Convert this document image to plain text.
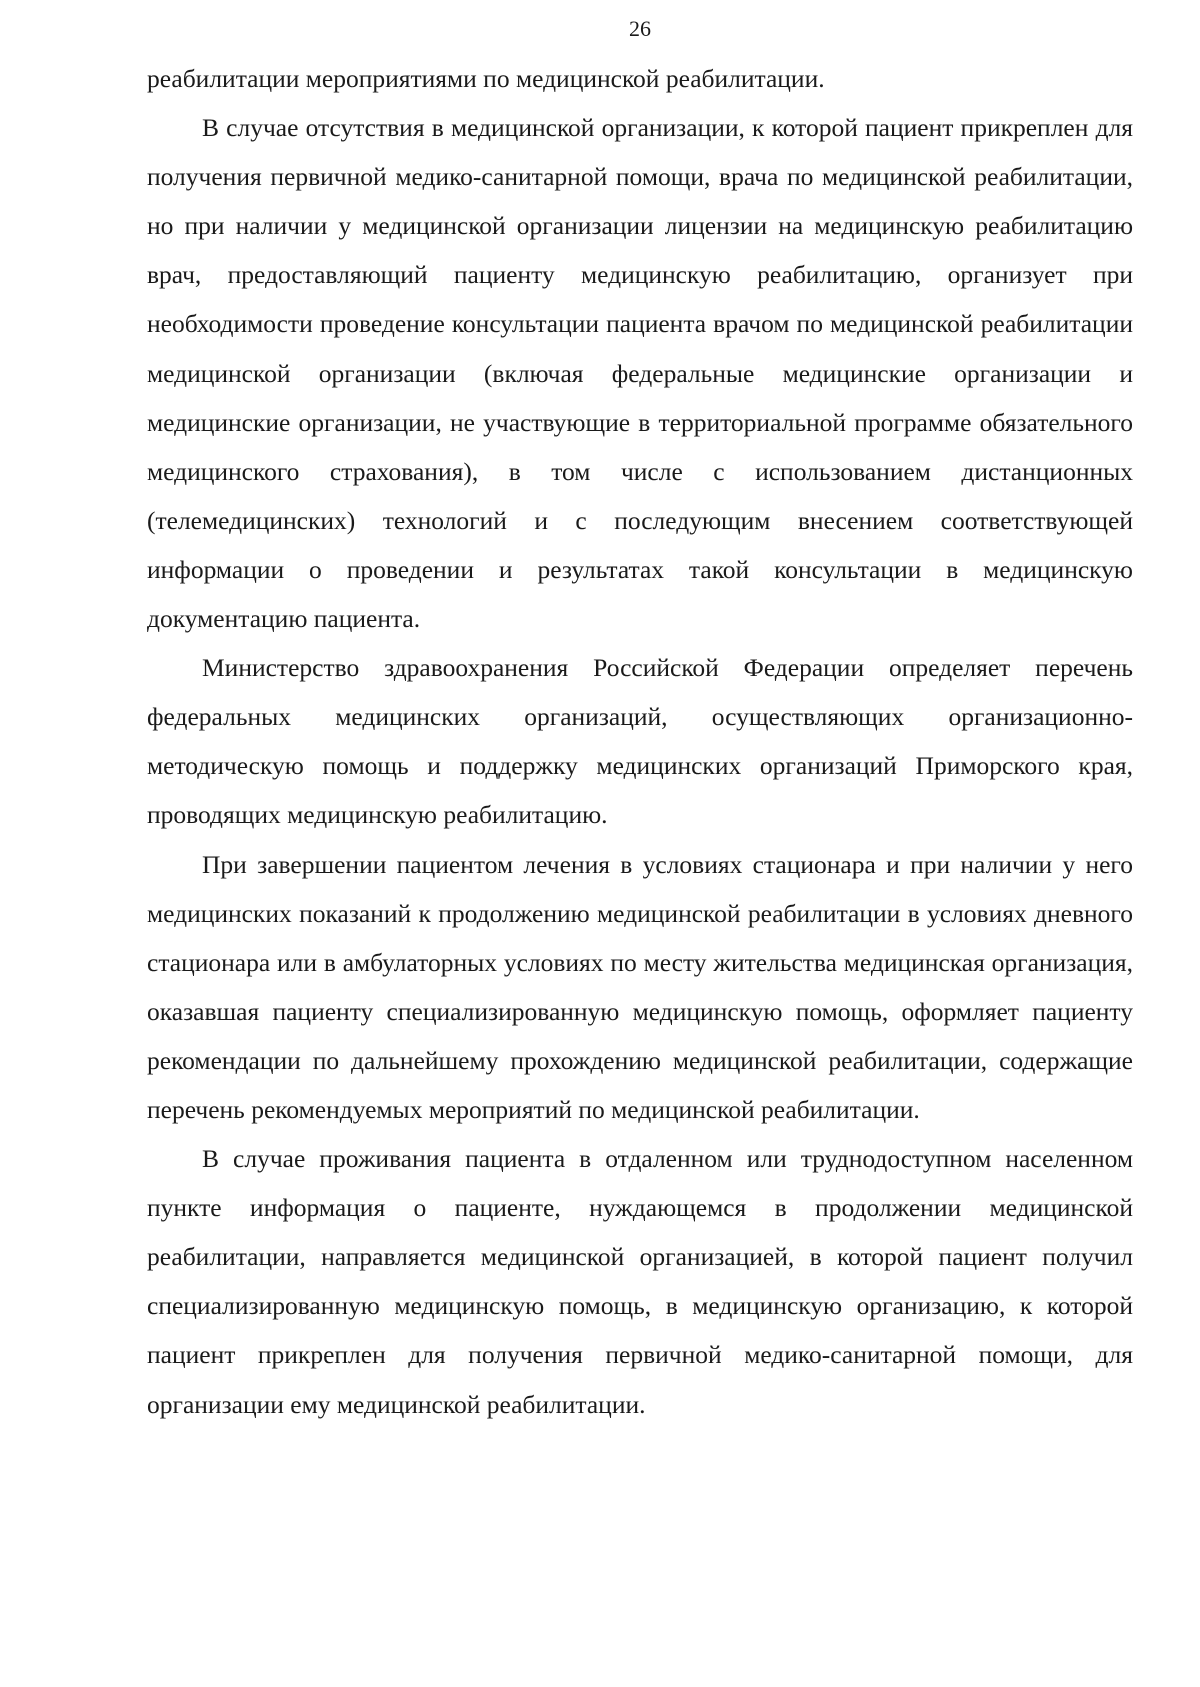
26

реабилитации мероприятиями по медицинской реабилитации.

В случае отсутствия в медицинской организации, к которой пациент прикреплен для получения первичной медико-санитарной помощи, врача по медицинской реабилитации, но при наличии у медицинской организации лицензии на медицинскую реабилитацию врач, предоставляющий пациенту медицинскую реабилитацию, организует при необходимости проведение консультации пациента врачом по медицинской реабилитации медицинской организации (включая федеральные медицинские организации и медицинские организации, не участвующие в территориальной программе обязательного медицинского страхования), в том числе с использованием дистанционных (телемедицинских) технологий и с последующим внесением соответствующей информации о проведении и результатах такой консультации в медицинскую документацию пациента.

Министерство здравоохранения Российской Федерации определяет перечень федеральных медицинских организаций, осуществляющих организационно-методическую помощь и поддержку медицинских организаций Приморского края, проводящих медицинскую реабилитацию.

При завершении пациентом лечения в условиях стационара и при наличии у него медицинских показаний к продолжению медицинской реабилитации в условиях дневного стационара или в амбулаторных условиях по месту жительства медицинская организация, оказавшая пациенту специализированную медицинскую помощь, оформляет пациенту рекомендации по дальнейшему прохождению медицинской реабилитации, содержащие перечень рекомендуемых мероприятий по медицинской реабилитации.

В случае проживания пациента в отдаленном или труднодоступном населенном пункте информация о пациенте, нуждающемся в продолжении медицинской реабилитации, направляется медицинской организацией, в которой пациент получил специализированную медицинскую помощь, в медицинскую организацию, к которой пациент прикреплен для получения первичной медико-санитарной помощи, для организации ему медицинской реабилитации.
